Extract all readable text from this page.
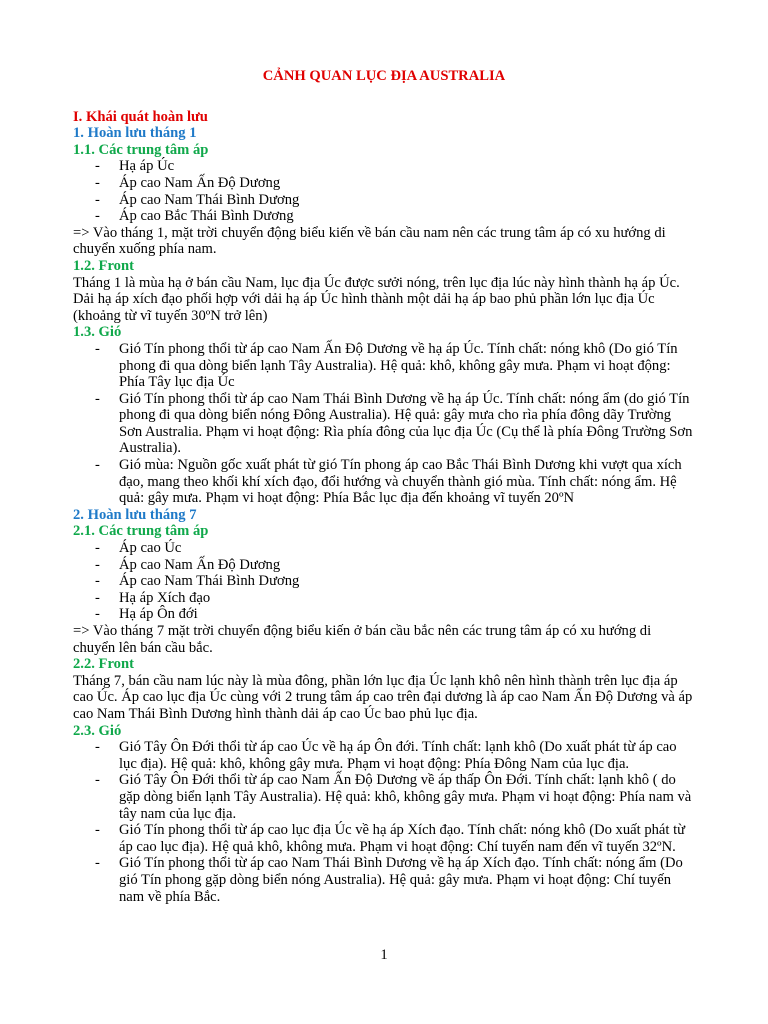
CẢNH QUAN LỤC ĐỊA AUSTRALIA

I. Khái quát hoàn lưu

1. Hoàn lưu tháng 1

1.1. Các trung tâm áp

- Hạ áp Úc
- Áp cao Nam Ấn Độ Dương
- Áp cao Nam Thái Bình Dương
- Áp cao Bắc Thái Bình Dương

=> Vào tháng 1, mặt trời chuyển động biểu kiến về bán cầu nam nên các trung tâm áp có xu hướng di chuyển xuống phía nam.

1.2. Front

Tháng 1 là mùa hạ ở bán cầu Nam, lục địa Úc được sưởi nóng, trên lục địa lúc này hình thành hạ áp Úc. Dải hạ áp xích đạo phối hợp với dải hạ áp Úc hình thành một dải hạ áp bao phủ phần lớn lục địa Úc (khoảng từ vĩ tuyến 30ºN trở lên)

1.3. Gió

- Gió Tín phong thổi từ áp cao Nam Ấn Độ Dương về hạ áp Úc. Tính chất: nóng khô (Do gió Tín phong đi qua dòng biển lạnh Tây Australia). Hệ quả: khô, không gây mưa. Phạm vi hoạt động: Phía Tây lục địa Úc
- Gió Tín phong thổi từ áp cao Nam Thái Bình Dương về hạ áp Úc. Tính chất: nóng ẩm (do gió Tín phong đi qua dòng biển nóng Đông Australia). Hệ quả: gây mưa cho rìa phía đông dãy Trường Sơn Australia. Phạm vi hoạt động: Rìa phía đông của lục địa Úc (Cụ thể là phía Đông Trường Sơn Australia).
- Gió mùa: Nguồn gốc xuất phát từ gió Tín phong áp cao Bắc Thái Bình Dương khi vượt qua xích đạo, mang theo khối khí xích đạo, đổi hướng và chuyển thành gió mùa. Tính chất: nóng ẩm. Hệ quả: gây mưa. Phạm vi hoạt động: Phía Bắc lục địa đến khoảng vĩ tuyến 20ºN

2. Hoàn lưu tháng 7

2.1. Các trung tâm áp

- Áp cao Úc
- Áp cao Nam Ấn Độ Dương
- Áp cao Nam Thái Bình Dương
- Hạ áp Xích đạo
- Hạ áp Ôn đới

=> Vào tháng 7 mặt trời chuyển động biểu kiến ở bán cầu bắc nên các trung tâm áp có xu hướng di chuyển lên bán cầu bắc.

2.2. Front

Tháng 7, bán cầu nam lúc này là mùa đông, phần lớn lục địa Úc lạnh khô nên hình thành trên lục địa áp cao Úc. Áp cao lục địa Úc cùng với 2 trung tâm áp cao trên đại dương là áp cao Nam Ấn Độ Dương và áp cao Nam Thái Bình Dương hình thành dải áp cao Úc bao phủ lục địa.

2.3. Gió

- Gió Tây Ôn Đới thổi từ áp cao Úc về hạ áp Ôn đới. Tính chất: lạnh khô (Do xuất phát từ áp cao lục địa). Hệ quả: khô, không gây mưa. Phạm vi hoạt động: Phía Đông Nam của lục địa.
- Gió Tây Ôn Đới thổi từ áp cao Nam Ấn Độ Dương về áp thấp Ôn Đới. Tính chất: lạnh khô ( do gặp dòng biển lạnh Tây Australia). Hệ quả: khô, không gây mưa. Phạm vi hoạt động: Phía nam và tây nam của lục địa.
- Gió Tín phong thổi từ áp cao lục địa Úc về hạ áp Xích đạo. Tính chất: nóng khô (Do xuất phát từ áp cao lục địa). Hệ quả khô, không mưa. Phạm vi hoạt động: Chí tuyến nam đến vĩ tuyến 32ºN.
- Gió Tín phong thổi từ áp cao Nam Thái Bình Dương về hạ áp Xích đạo. Tính chất: nóng ẩm (Do gió Tín phong gặp dòng biển nóng Australia). Hệ quả: gây mưa. Phạm vi hoạt động: Chí tuyến nam về phía Bắc.
1
